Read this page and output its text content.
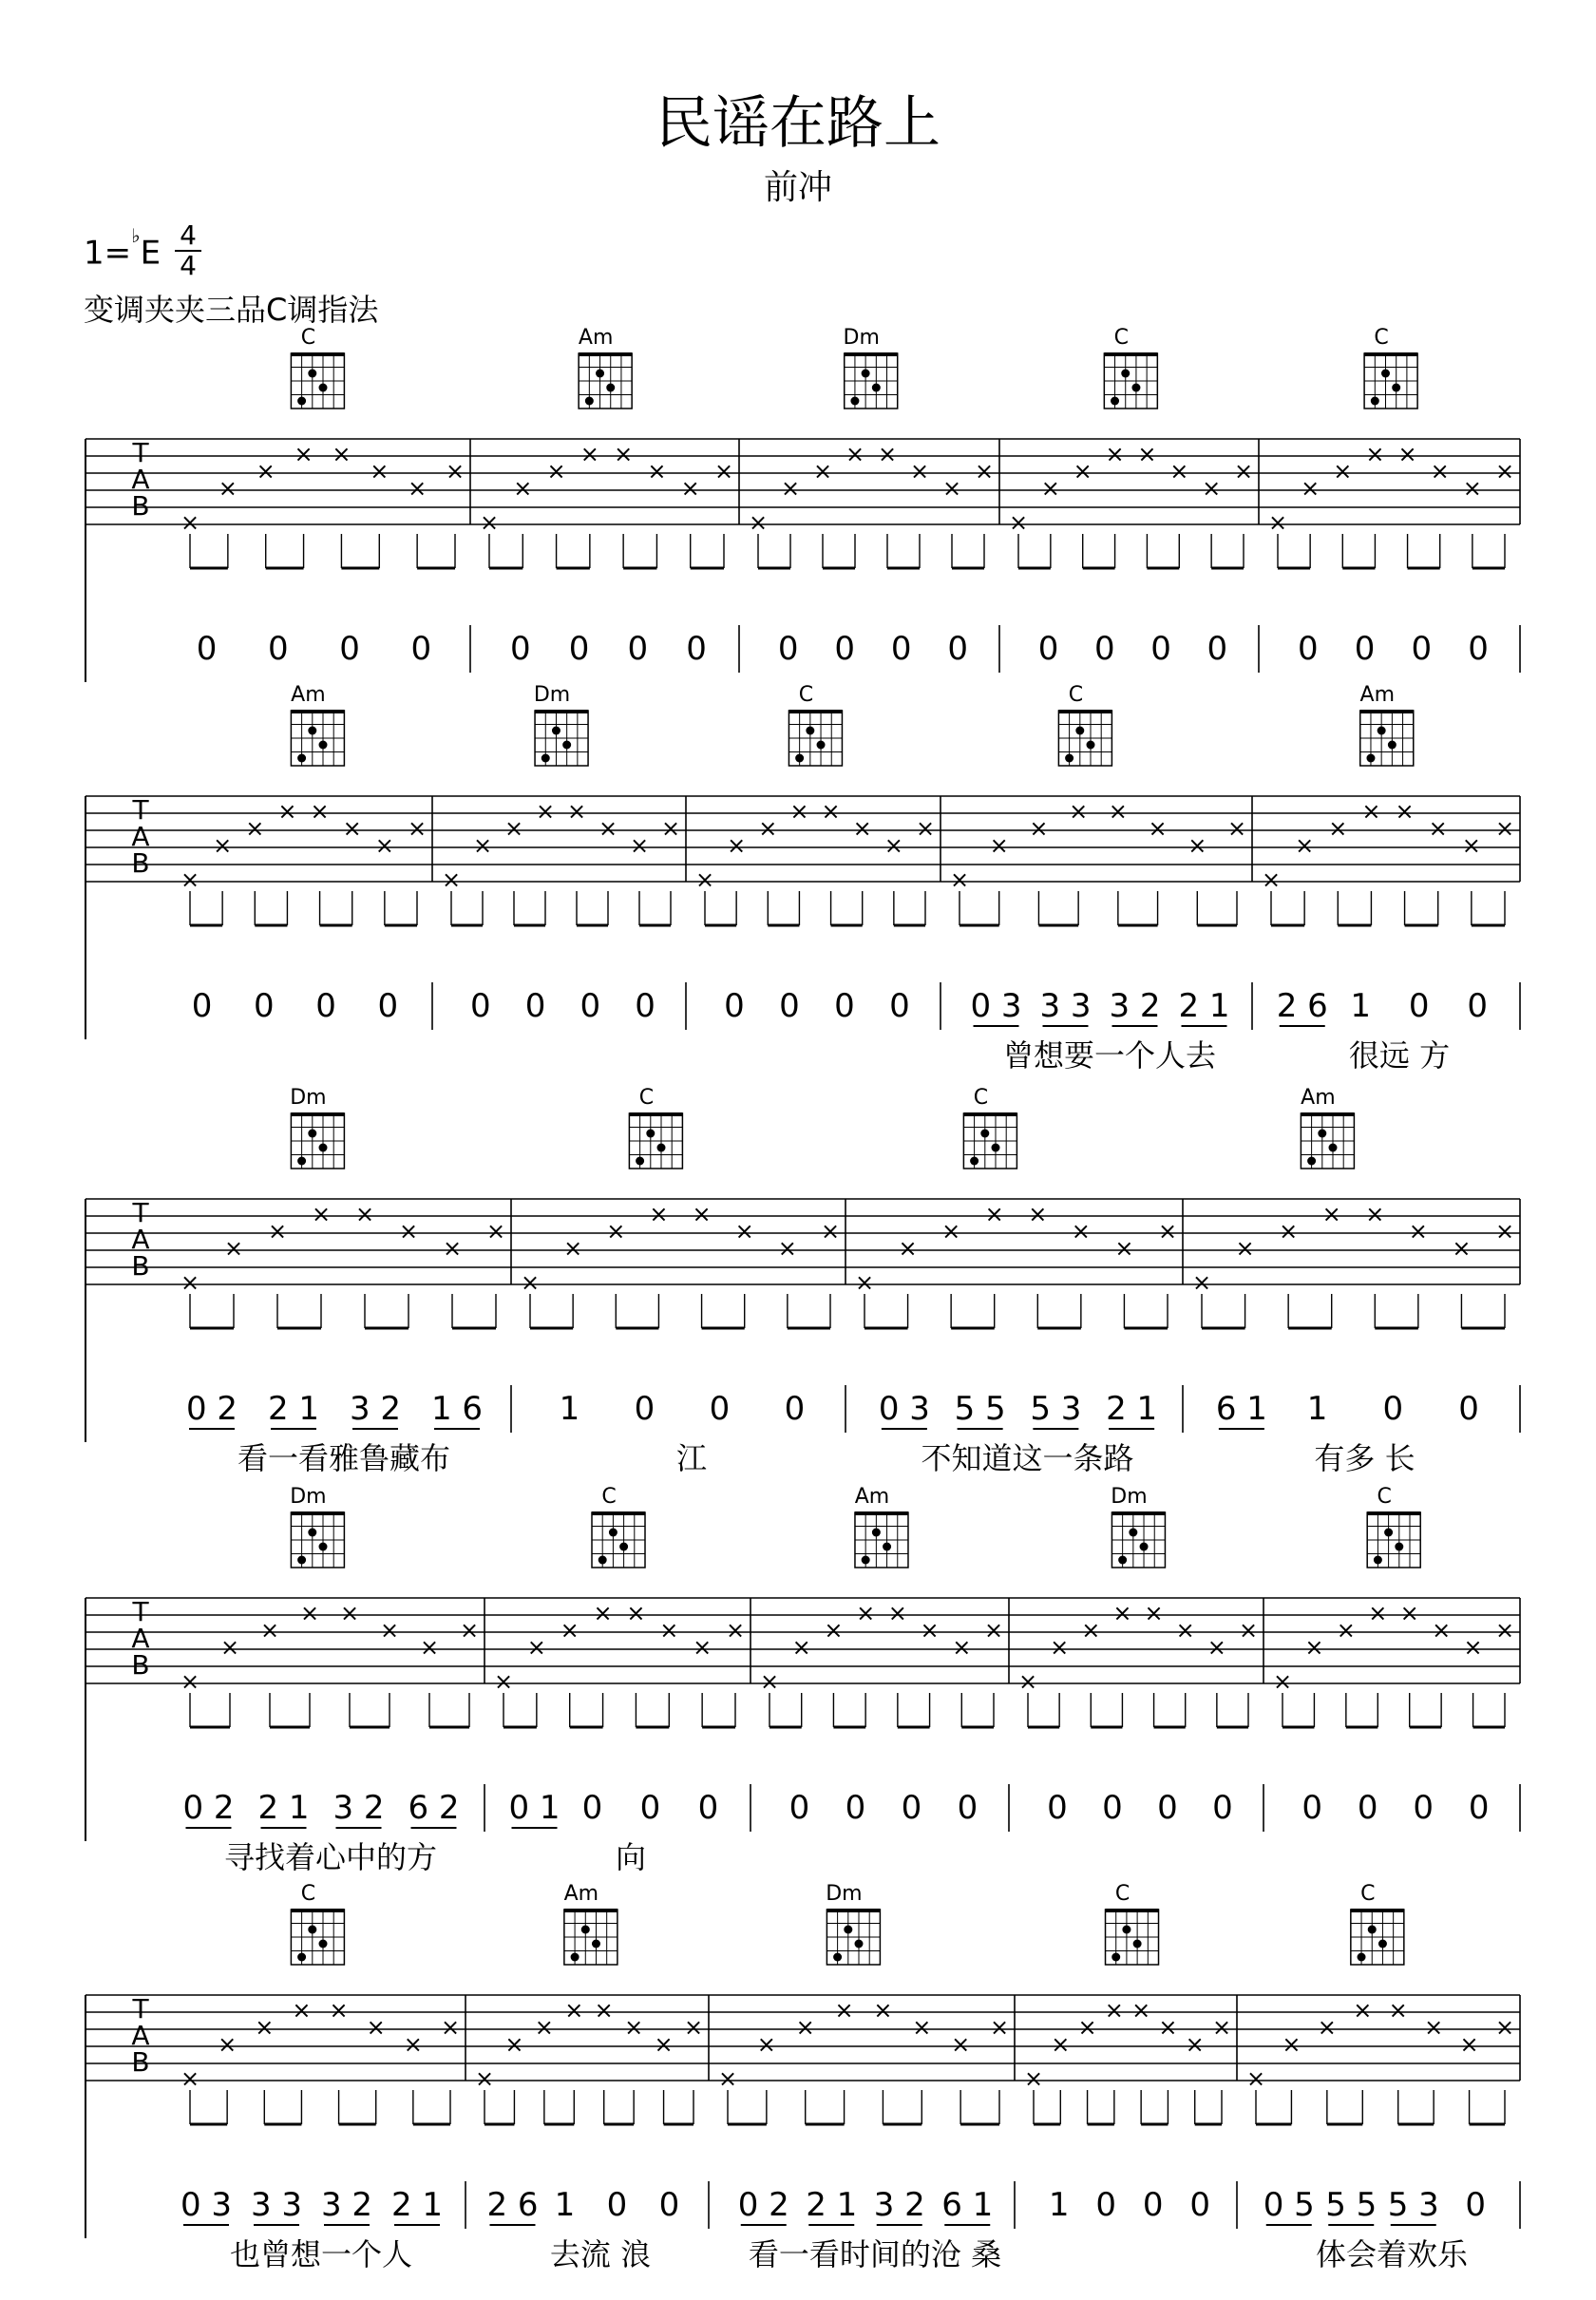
民谣在路上
前冲
1=♭E 4
4
变调夹夹三品C调指法
T
A
B
C
×
×
×
× ×
×
×
×
0 0 0 0
Am
×
×
×
× ×
×
×
×
0 0 0 0
Dm
×
×
×
× ×
×
×
×
0 0 0 0
C
×
×
×
× ×
×
×
×
0 0 0 0
C
×
×
×
× ×
×
×
×
0 0 0 0
T
A
B
Am
×
×
×
× ×
×
×
×
0 0 0 0
Dm
×
×
×
× ×
×
×
×
0 0 0 0
C
×
×
×
× ×
×
×
×
0 0 0 0
C
×
×
×
× ×
×
×
×
0 3 3 3 3 2 2 1
曾想要一个人去
Am
×
×
×
× ×
×
×
×
2 6 1 0 0
很远 方
T
A
B
Dm
×
×
×
× ×
×
×
×
0 2 2 1 3 2 1 6
看一看雅鲁藏布
C
×
×
×
× ×
×
×
×
1 0 0 0
江
C
×
×
×
× ×
×
×
×
0 3 5 5 5 3 2 1
不知道这一条路
Am
×
×
×
× ×
×
×
×
6 1 1 0 0
有多 长
T
A
B
Dm
×
×
×
× ×
×
×
×
0 2 2 1 3 2 6 2
寻找着心中的方
C
×
×
×
× ×
×
×
×
0 1 0 0 0
向
Am
×
×
×
× ×
×
×
×
0 0 0 0
Dm
×
×
×
× ×
×
×
×
0 0 0 0
C
×
×
×
× ×
×
×
×
0 0 0 0
T
A
B
C
×
×
×
× ×
×
×
×
0 3 3 3 3 2 2 1
也曾想一个人
Am
×
×
×
× ×
×
×
×
2 6 1 0 0
去流 浪
Dm
×
×
×
× ×
×
×
×
0 2 2 1 3 2 6 1
看一看时间的沧 桑
C
×
×
×
× ×
×
×
×
1 0 0 0
C
×
×
×
× ×
×
×
×
0 5 5 5 5 3 0
体会着欢乐
